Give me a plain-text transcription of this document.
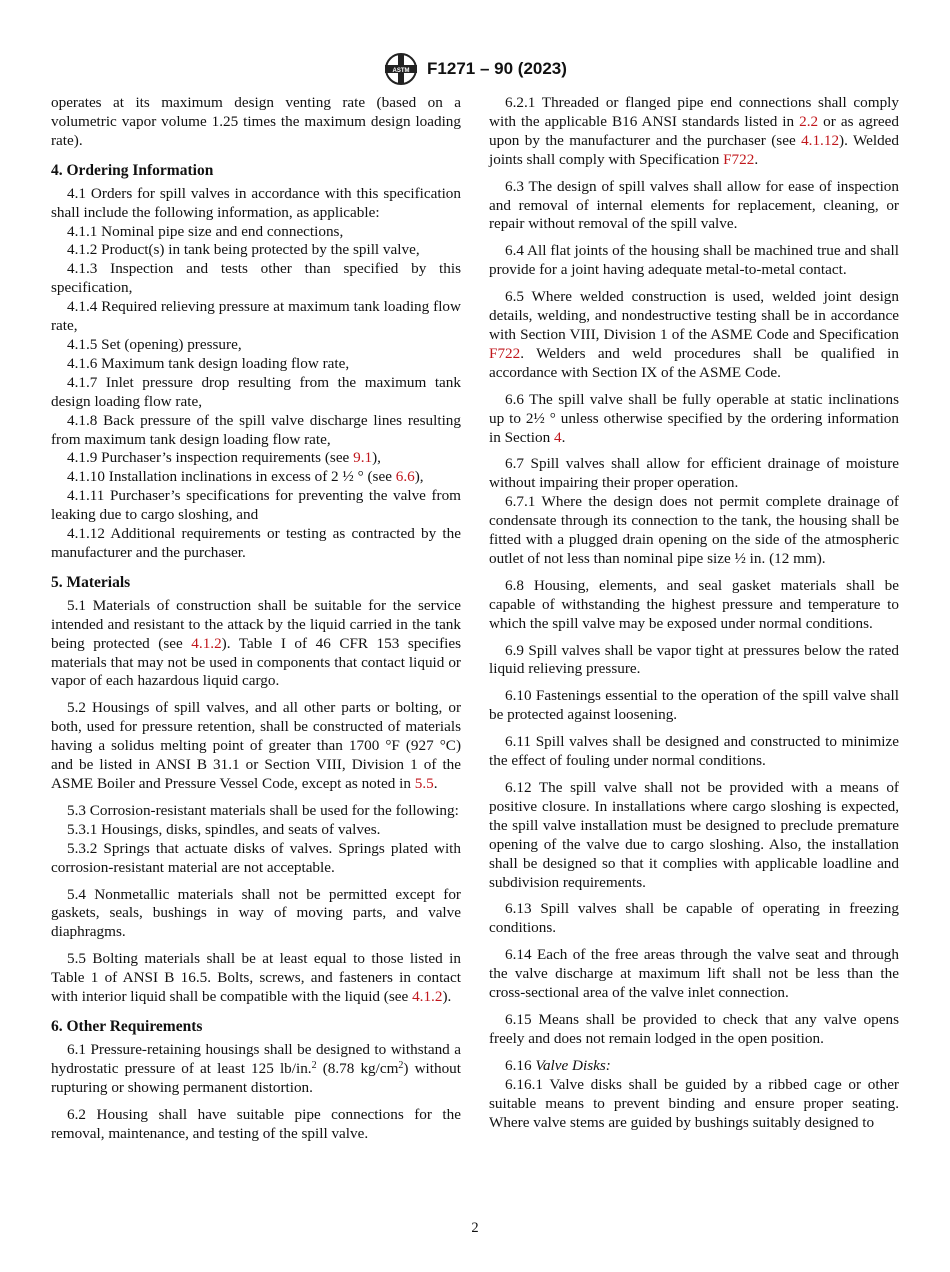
ASTM F1271 – 90 (2023)

operates at its maximum design venting rate (based on a volumetric vapor volume 1.25 times the maximum design loading rate).

4. Ordering Information

4.1 Orders for spill valves in accordance with this specification shall include the following information, as applicable:

4.1.1 Nominal pipe size and end connections,

4.1.2 Product(s) in tank being protected by the spill valve,

4.1.3 Inspection and tests other than specified by this specification,

4.1.4 Required relieving pressure at maximum tank loading flow rate,

4.1.5 Set (opening) pressure,

4.1.6 Maximum tank design loading flow rate,

4.1.7 Inlet pressure drop resulting from the maximum tank design loading flow rate,

4.1.8 Back pressure of the spill valve discharge lines resulting from maximum tank design loading flow rate,

4.1.9 Purchaser’s inspection requirements (see 9.1),

4.1.10 Installation inclinations in excess of 2 ½ ° (see 6.6),

4.1.11 Purchaser’s specifications for preventing the valve from leaking due to cargo sloshing, and

4.1.12 Additional requirements or testing as contracted by the manufacturer and the purchaser.

5. Materials

5.1 Materials of construction shall be suitable for the service intended and resistant to the attack by the liquid carried in the tank being protected (see 4.1.2). Table I of 46 CFR 153 specifies materials that may not be used in components that contact liquid or vapor of each hazardous liquid cargo.

5.2 Housings of spill valves, and all other parts or bolting, or both, used for pressure retention, shall be constructed of materials having a solidus melting point of greater than 1700 °F (927 °C) and be listed in ANSI B 31.1 or Section VIII, Division 1 of the ASME Boiler and Pressure Vessel Code, except as noted in 5.5.

5.3 Corrosion-resistant materials shall be used for the following:

5.3.1 Housings, disks, spindles, and seats of valves.

5.3.2 Springs that actuate disks of valves. Springs plated with corrosion-resistant material are not acceptable.

5.4 Nonmetallic materials shall not be permitted except for gaskets, seals, bushings in way of moving parts, and valve diaphragms.

5.5 Bolting materials shall be at least equal to those listed in Table 1 of ANSI B 16.5. Bolts, screws, and fasteners in contact with interior liquid shall be compatible with the liquid (see 4.1.2).

6. Other Requirements

6.1 Pressure-retaining housings shall be designed to withstand a hydrostatic pressure of at least 125 lb/in.$^2$ (8.78 $kg/cm^2$) without rupturing or showing permanent distortion.

6.2 Housing shall have suitable pipe connections for the removal, maintenance, and testing of the spill valve.

6.2.1 Threaded or flanged pipe end connections shall comply with the applicable B16 ANSI standards listed in 2.2 or as agreed upon by the manufacturer and the purchaser (see 4.1.12). Welded joints shall comply with Specification F722.

6.3 The design of spill valves shall allow for ease of inspection and removal of internal elements for replacement, cleaning, or repair without removal of the spill valve.

6.4 All flat joints of the housing shall be machined true and shall provide for a joint having adequate metal-to-metal contact.

6.5 Where welded construction is used, welded joint design details, welding, and nondestructive testing shall be in accordance with Section VIII, Division 1 of the ASME Code and Specification F722. Welders and weld procedures shall be qualified in accordance with Section IX of the ASME Code.

6.6 The spill valve shall be fully operable at static inclinations up to 2½ ° unless otherwise specified by the ordering information in Section 4.

6.7 Spill valves shall allow for efficient drainage of moisture without impairing their proper operation.

6.7.1 Where the design does not permit complete drainage of condensate through its connection to the tank, the housing shall be fitted with a plugged drain opening on the side of the atmospheric outlet of not less than nominal pipe size ½ in. (12 mm).

6.8 Housing, elements, and seal gasket materials shall be capable of withstanding the highest pressure and temperature to which the spill valve may be exposed under normal conditions.

6.9 Spill valves shall be vapor tight at pressures below the rated liquid relieving pressure.

6.10 Fastenings essential to the operation of the spill valve shall be protected against loosening.

6.11 Spill valves shall be designed and constructed to minimize the effect of fouling under normal conditions.

6.12 The spill valve shall not be provided with a means of positive closure. In installations where cargo sloshing is expected, the spill valve installation must be designed to preclude premature opening of the valve due to cargo sloshing. Also, the installation shall be designed so that it complies with applicable loadline and subdivision requirements.

6.13 Spill valves shall be capable of operating in freezing conditions.

6.14 Each of the free areas through the valve seat and through the valve discharge at maximum lift shall not be less than the cross-sectional area of the valve inlet connection.

6.15 Means shall be provided to check that any valve opens freely and does not remain lodged in the open position.

6.16 Valve Disks:

6.16.1 Valve disks shall be guided by a ribbed cage or other suitable means to prevent binding and ensure proper seating. Where valve stems are guided by bushings suitably designed to

2
